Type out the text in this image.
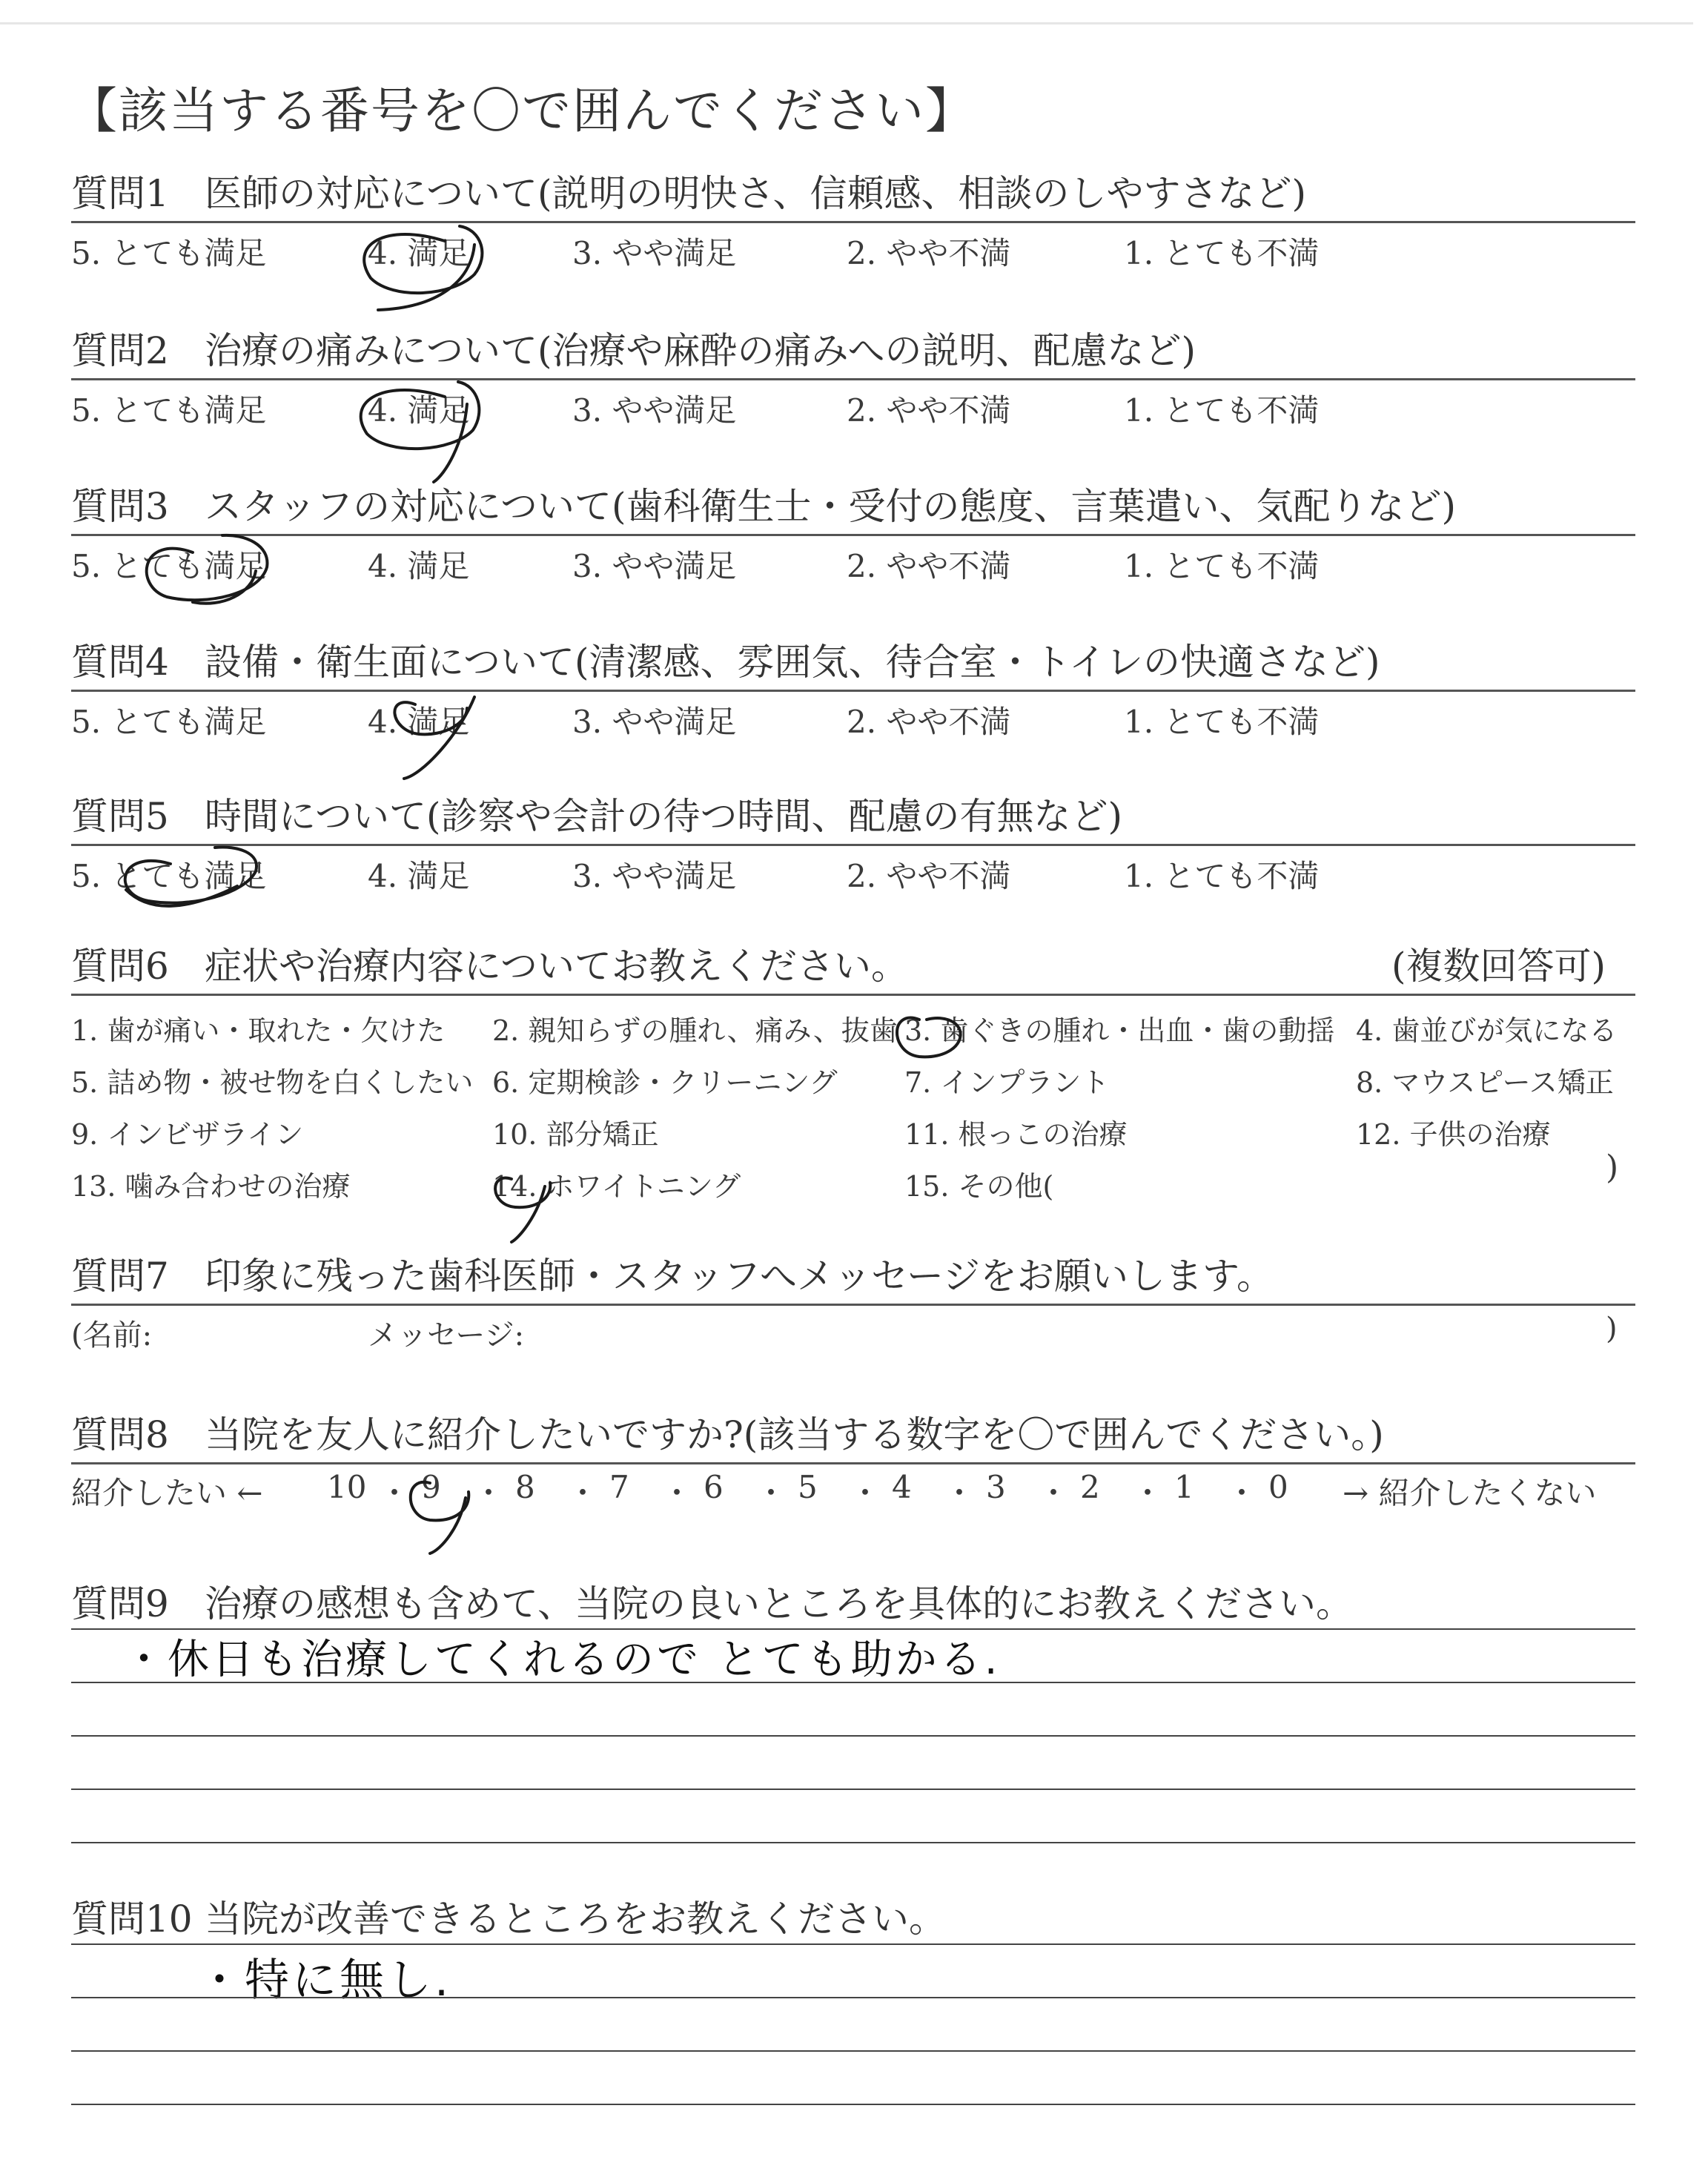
【該当する番号を〇で囲んでください】
質問1 医師の対応について(説明の明快さ、信頼感、相談のしやすさなど)
5. とても満足	4. 満足	3. やや満足	2. やや不満	1. とても不満
質問2 治療の痛みについて(治療や麻酔の痛みへの説明、配慮など)
5. とても満足	4. 満足	3. やや満足	2. やや不満	1. とても不満
質問3 スタッフの対応について(歯科衛生士・受付の態度、言葉遣い、気配りなど)
5. とても満足	4. 満足	3. やや満足	2. やや不満	1. とても不満
質問4 設備・衛生面について(清潔感、雰囲気、待合室・トイレの快適さなど)
5. とても満足	4. 満足	3. やや満足	2. やや不満	1. とても不満
質問5 時間について(診察や会計の待つ時間、配慮の有無など)
5. とても満足	4. 満足	3. やや満足	2. やや不満	1. とても不満
質問6 症状や治療内容についてお教えください。	(複数回答可)
)
1. 歯が痛い・取れた・欠けた 2. 親知らずの腫れ、痛み、抜歯 3. 歯ぐきの腫れ・出血・歯の動揺 4. 歯並びが気になる
5. 詰め物・被せ物を白くしたい 6. 定期検診・クリーニング 7. インプラント	8. マウスピース矯正
9. インビザライン	10. 部分矯正	11. 根っこの治療	12. 子供の治療
13. 噛み合わせの治療	14. ホワイトニング	15. その他(
質問7 印象に残った歯科医師・スタッフへメッセージをお願いします。
(名前:	メッセージ:	)
質問8 当院を友人に紹介したいですか?(該当する数字を〇で囲んでください。)
紹介したい ←	→ 紹介したくない
10 ・ 9 ・ 8 ・ 7 ・ 6 ・ 5 ・ 4 ・ 3 ・ 2 ・ 1 ・ 0
質問9 治療の感想も含めて、当院の良いところを具体的にお教えください。
・休日も治療してくれるので とても助かる.
質問10 当院が改善できるところをお教えください。
・特に無し.
